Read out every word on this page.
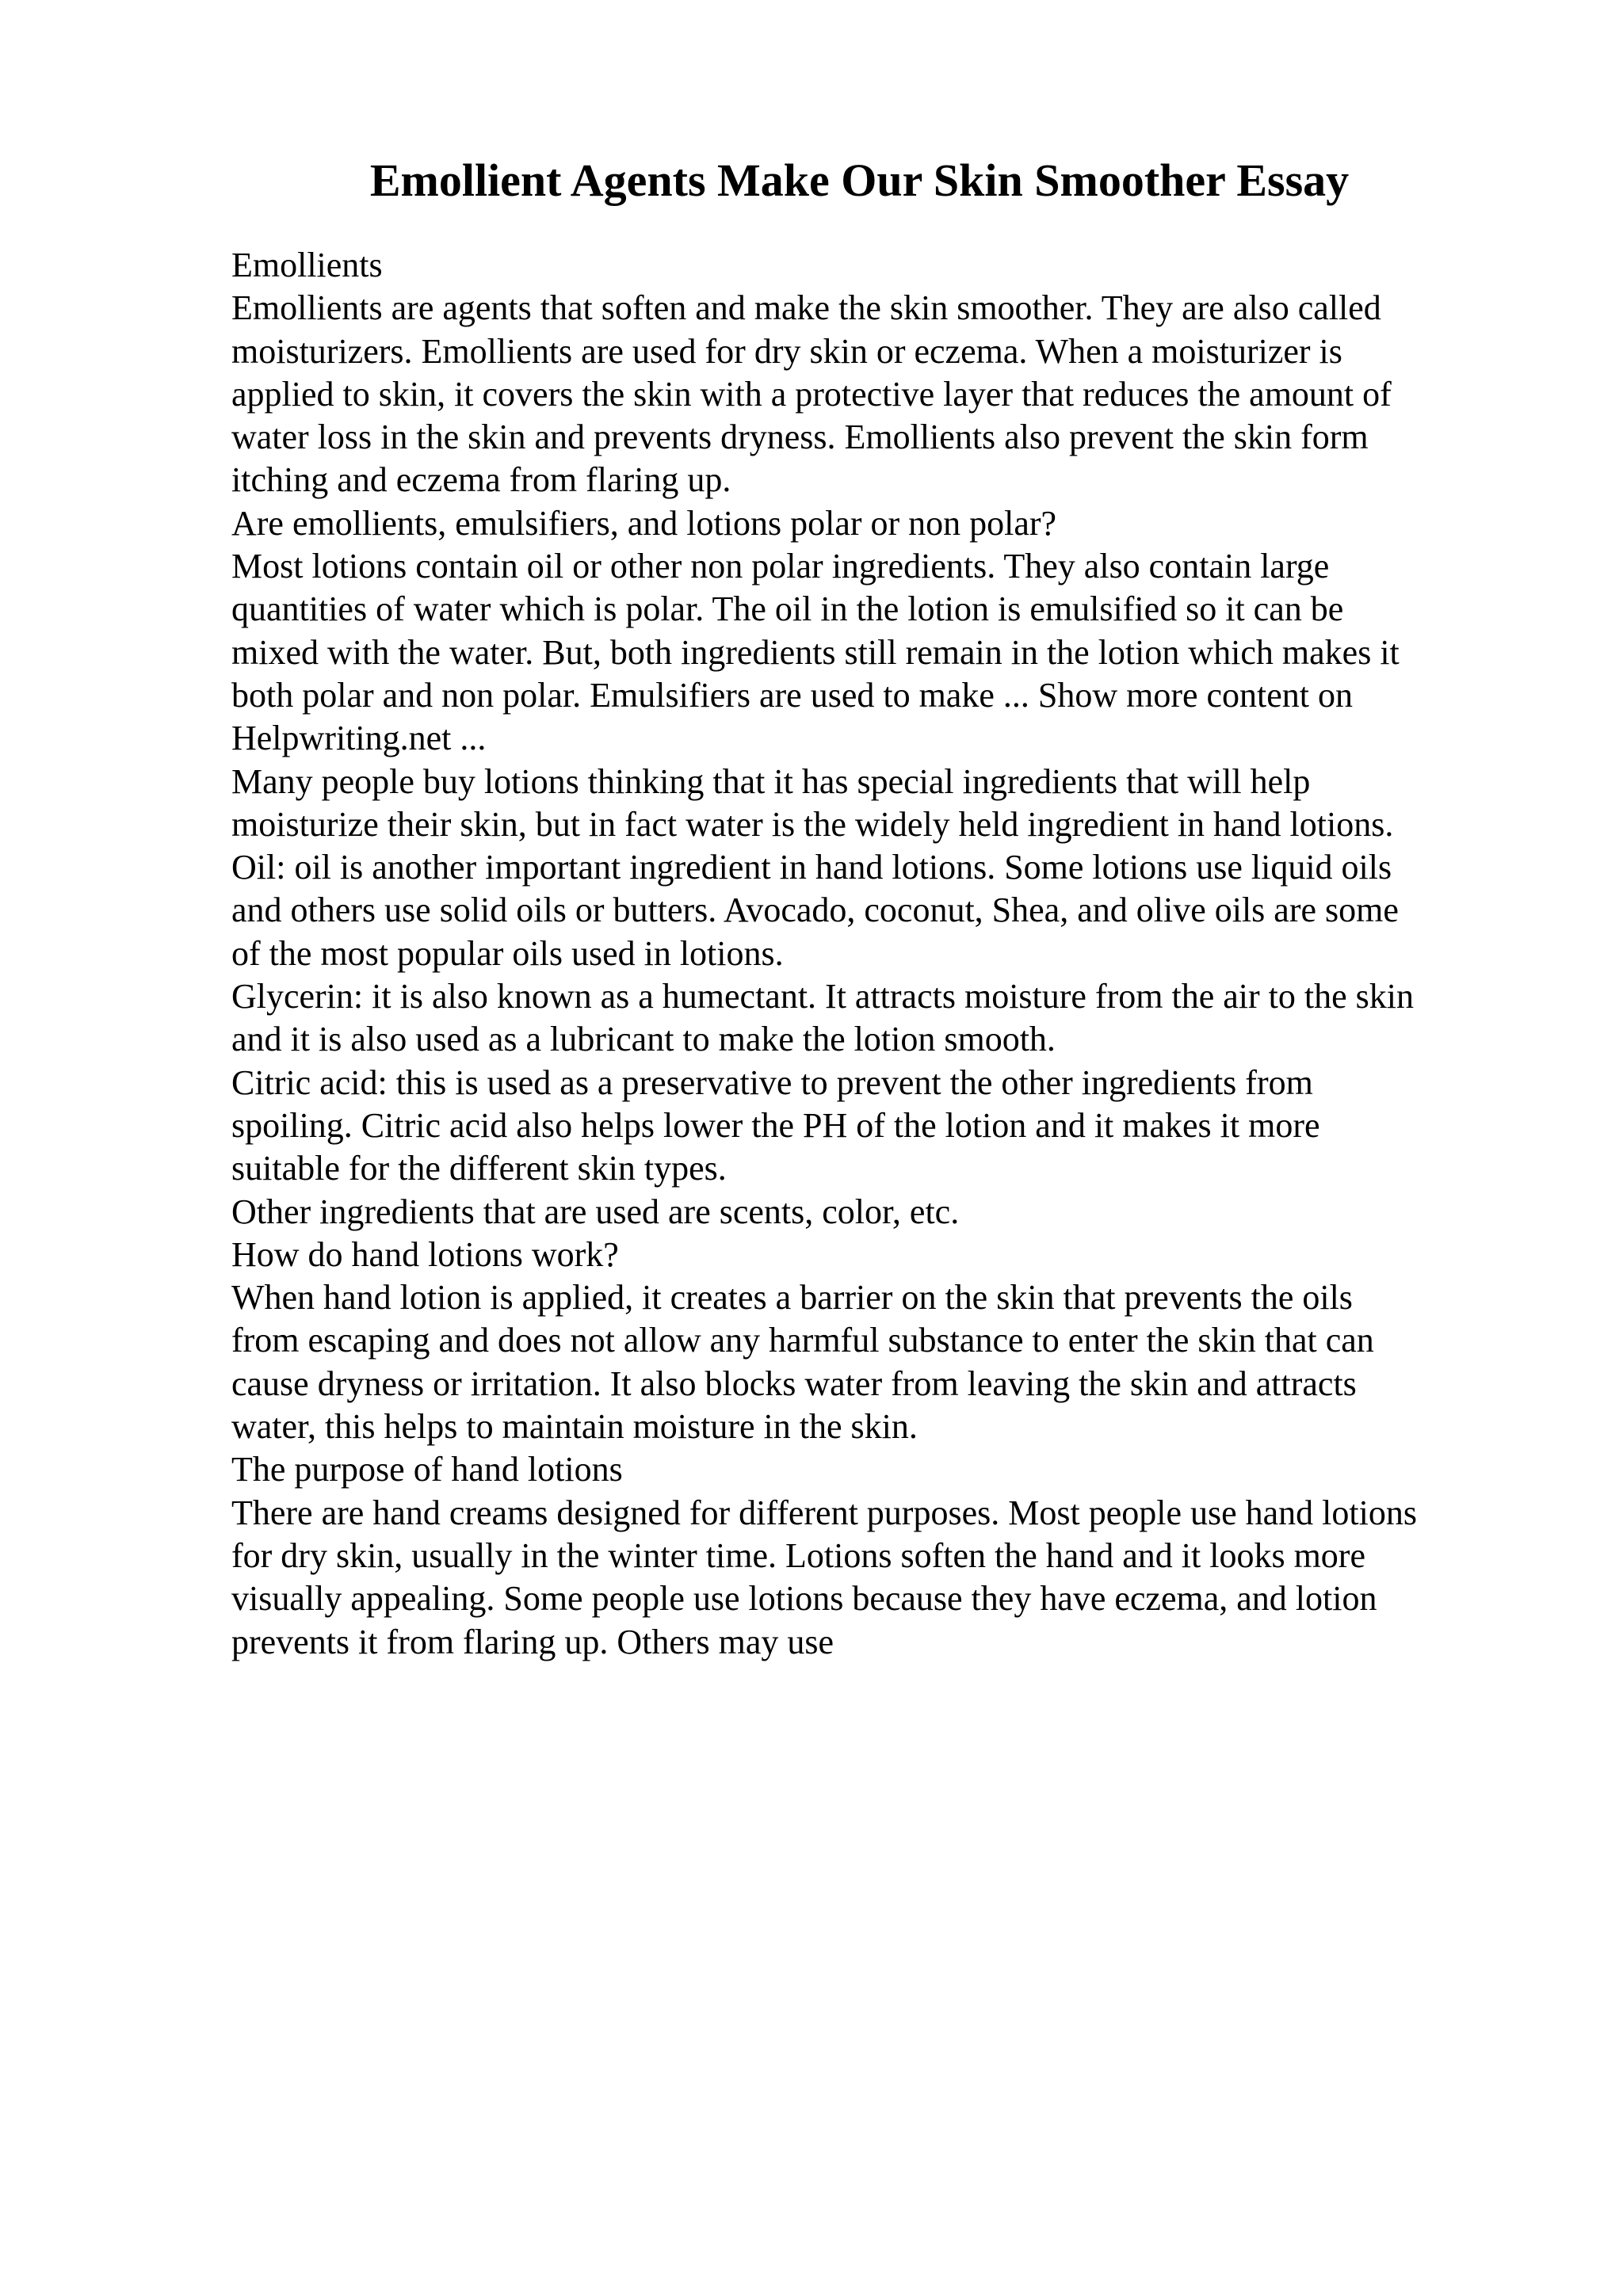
Emollient Agents Make Our Skin Smoother Essay
Emollients
Emollients are agents that soften and make the skin smoother. They are also called
moisturizers. Emollients are used for dry skin or eczema. When a moisturizer is
applied to skin, it covers the skin with a protective layer that reduces the amount of
water loss in the skin and prevents dryness. Emollients also prevent the skin form
itching and eczema from flaring up.
Are emollients, emulsifiers, and lotions polar or non polar?
Most lotions contain oil or other non polar ingredients. They also contain large
quantities of water which is polar. The oil in the lotion is emulsified so it can be
mixed with the water. But, both ingredients still remain in the lotion which makes it
both polar and non polar. Emulsifiers are used to make ... Show more content on
Helpwriting.net ...
Many people buy lotions thinking that it has special ingredients that will help
moisturize their skin, but in fact water is the widely held ingredient in hand lotions.
Oil: oil is another important ingredient in hand lotions. Some lotions use liquid oils
and others use solid oils or butters. Avocado, coconut, Shea, and olive oils are some
of the most popular oils used in lotions.
Glycerin: it is also known as a humectant. It attracts moisture from the air to the skin
and it is also used as a lubricant to make the lotion smooth.
Citric acid: this is used as a preservative to prevent the other ingredients from
spoiling. Citric acid also helps lower the PH of the lotion and it makes it more
suitable for the different skin types.
Other ingredients that are used are scents, color, etc.
How do hand lotions work?
When hand lotion is applied, it creates a barrier on the skin that prevents the oils
from escaping and does not allow any harmful substance to enter the skin that can
cause dryness or irritation. It also blocks water from leaving the skin and attracts
water, this helps to maintain moisture in the skin.
The purpose of hand lotions
There are hand creams designed for different purposes. Most people use hand lotions
for dry skin, usually in the winter time. Lotions soften the hand and it looks more
visually appealing. Some people use lotions because they have eczema, and lotion
prevents it from flaring up. Others may use
